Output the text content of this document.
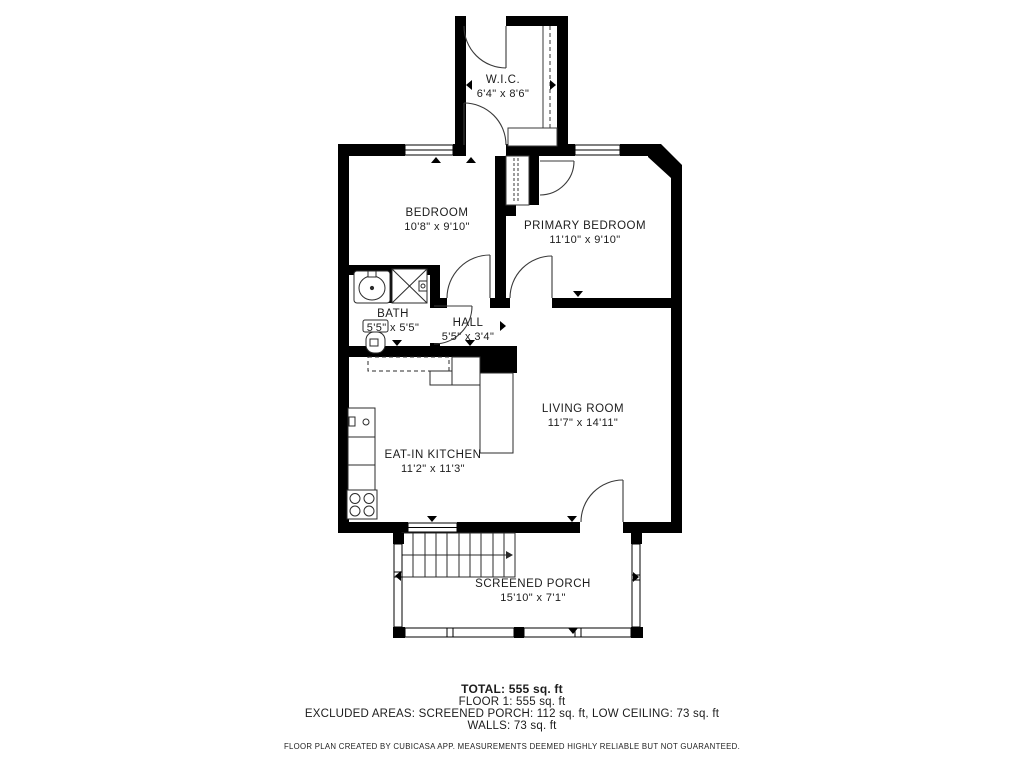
W.I.C.
6'4" x 8'6"
BEDROOM
10'8" x 9'10"	PRIMARY BEDROOM
11'10" x 9'10"
BATH
5'5" x 5'5"	HALL
5'5" x 3'4"
LIVING ROOM
11'7" x 14'11"
EAT-IN KITCHEN
11'2" x 11'3"
SCREENED PORCH
15'10" x 7'1"
TOTAL: 555 sq. ft
FLOOR 1: 555 sq. ft
EXCLUDED AREAS: SCREENED PORCH: 112 sq. ft, LOW CEILING: 73 sq. ft
WALLS: 73 sq. ft
FLOOR PLAN CREATED BY CUBICASA APP. MEASUREMENTS DEEMED HIGHLY RELIABLE BUT NOT GUARANTEED.
